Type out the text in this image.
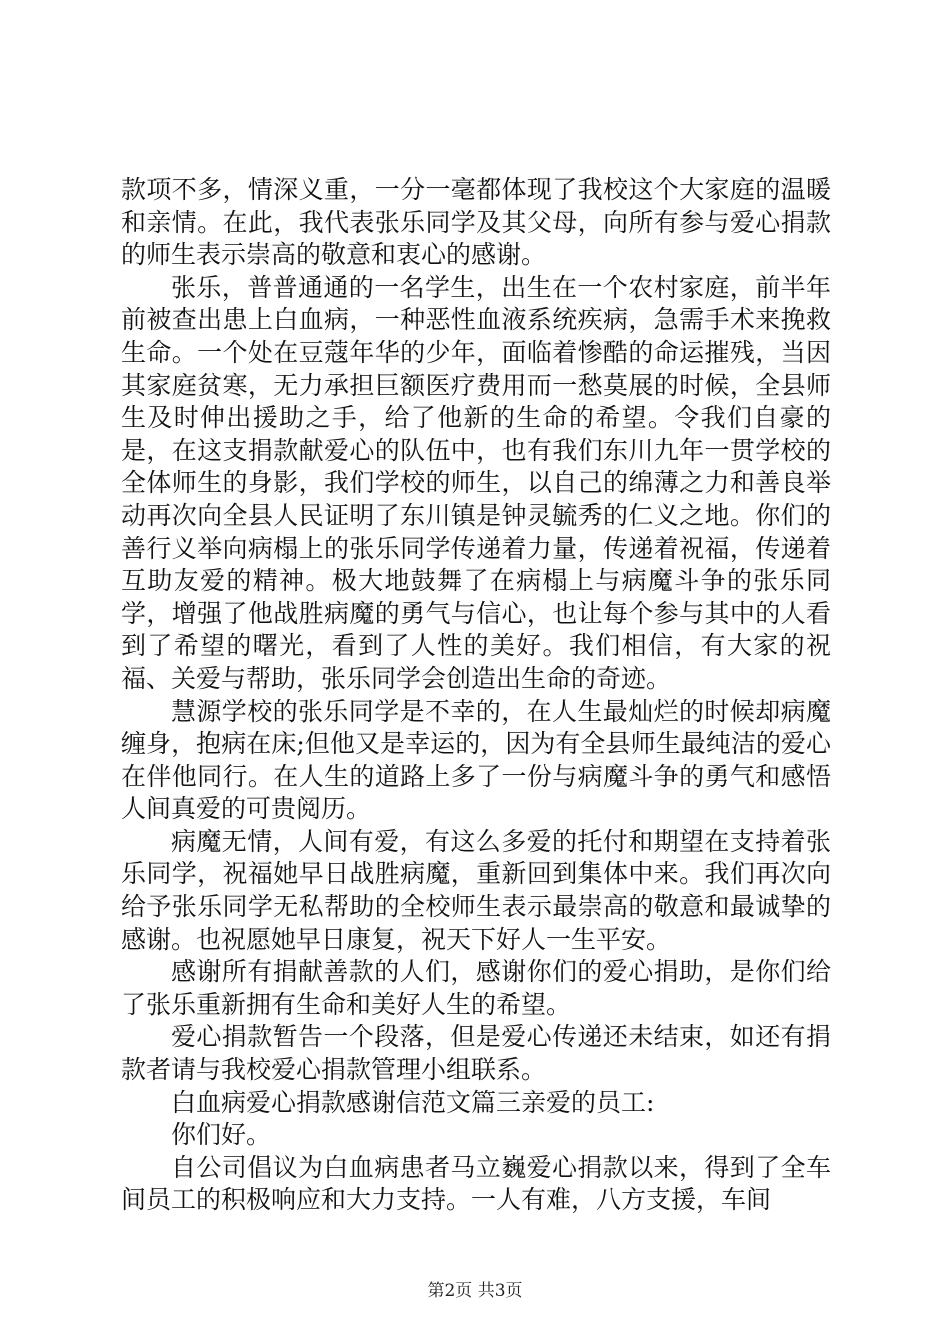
款项不多，情深义重，一分一毫都体现了我校这个大家庭的温暖和亲情。在此，我代表张乐同学及其父母，向所有参与爱心捐款的师生表示崇高的敬意和衷心的感谢。

张乐，普普通通的一名学生，出生在一个农村家庭，前半年前被查出患上白血病，一种恶性血液系统疾病，急需手术来挽救生命。一个处在豆蔻年华的少年，面临着惨酷的命运摧残，当因其家庭贫寒，无力承担巨额医疗费用而一愁莫展的时候，全县师生及时伸出援助之手，给了他新的生命的希望。令我们自豪的是，在这支捐款献爱心的队伍中，也有我们东川九年一贯学校的全体师生的身影，我们学校的师生，以自己的绵薄之力和善良举动再次向全县人民证明了东川镇是钟灵毓秀的仁义之地。你们的善行义举向病榻上的张乐同学传递着力量，传递着祝福，传递着互助友爱的精神。极大地鼓舞了在病榻上与病魔斗争的张乐同学，增强了他战胜病魔的勇气与信心，也让每个参与其中的人看到了希望的曙光，看到了人性的美好。我们相信，有大家的祝福、关爱与帮助，张乐同学会创造出生命的奇迹。

慧源学校的张乐同学是不幸的，在人生最灿烂的时候却病魔缠身，抱病在床;但他又是幸运的，因为有全县师生最纯洁的爱心在伴他同行。在人生的道路上多了一份与病魔斗争的勇气和感悟人间真爱的可贵阅历。

病魔无情，人间有爱，有这么多爱的托付和期望在支持着张乐同学，祝福她早日战胜病魔，重新回到集体中来。我们再次向给予张乐同学无私帮助的全校师生表示最崇高的敬意和最诚挚的感谢。也祝愿她早日康复，祝天下好人一生平安。

感谢所有捐献善款的人们，感谢你们的爱心捐助，是你们给了张乐重新拥有生命和美好人生的希望。

爱心捐款暂告一个段落，但是爱心传递还未结束，如还有捐款者请与我校爱心捐款管理小组联系。

白血病爱心捐款感谢信范文篇三亲爱的员工:

你们好。

自公司倡议为白血病患者马立巍爱心捐款以来，得到了全车间员工的积极响应和大力支持。一人有难，八方支援，车间

第2页 共3页
